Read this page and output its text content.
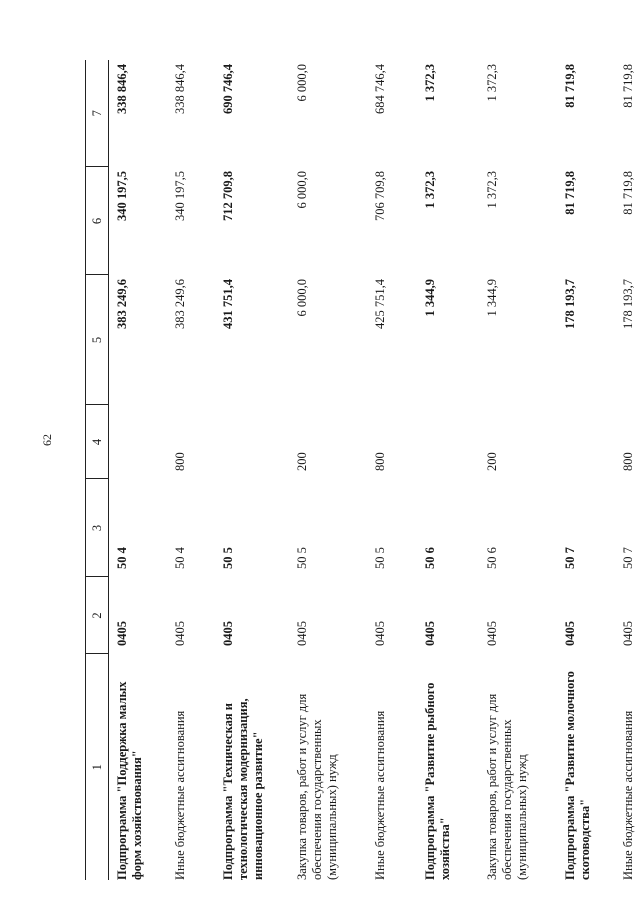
62
1	2	3	4	5	6	7
Подпрограмма "Поддержка малых форм хозяйствования"	0405	50 4		383 249,6	340 197,5	338 846,4
Иные бюджетные ассигнования	0405	50 4	800	383 249,6	340 197,5	338 846,4
Подпрограмма "Техническая и технологическая модернизация, инновационное развитие"	0405	50 5		431 751,4	712 709,8	690 746,4
Закупка товаров, работ и услуг для обеспечения государственных (муниципальных) нужд	0405	50 5	200	6 000,0	6 000,0	6 000,0
Иные бюджетные ассигнования	0405	50 5	800	425 751,4	706 709,8	684 746,4
Подпрограмма "Развитие рыбного хозяйства"	0405	50 6		1 344,9	1 372,3	1 372,3
Закупка товаров, работ и услуг для обеспечения государственных (муниципальных) нужд	0405	50 6	200	1 344,9	1 372,3	1 372,3
Подпрограмма "Развитие молочного скотоводства"	0405	50 7		178 193,7	81 719,8	81 719,8
Иные бюджетные ассигнования	0405	50 7	800	178 193,7	81 719,8	81 719,8
